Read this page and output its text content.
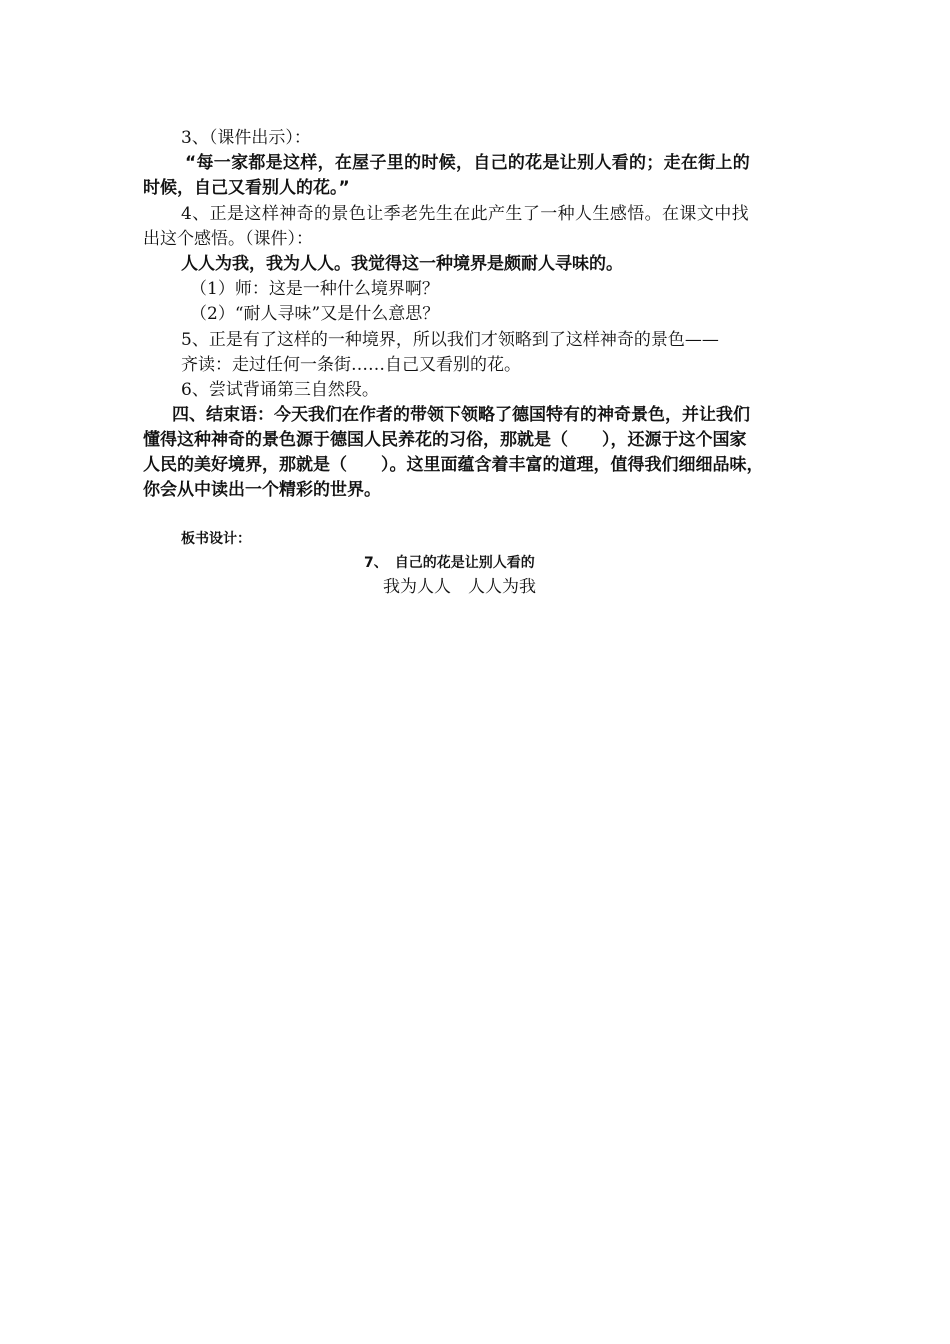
3、（课件出示）：
“每一家都是这样，在屋子里的时候，自己的花是让别人看的；走在街上的
时候，自己又看别人的花。”
4、正是这样神奇的景色让季老先生在此产生了一种人生感悟。在课文中找
出这个感悟。（课件）：
人人为我，我为人人。我觉得这一种境界是颇耐人寻味的。
（1）师：这是一种什么境界啊？
（2）“耐人寻味”又是什么意思？
5、正是有了这样的一种境界，所以我们才领略到了这样神奇的景色——
齐读：走过任何一条街……自己又看别的花。
6、尝试背诵第三自然段。
四、结束语：今天我们在作者的带领下领略了德国特有的神奇景色，并让我们
懂得这种神奇的景色源于德国人民养花的习俗，那就是（　　），还源于这个国家
人民的美好境界，那就是（　　）。这里面蕴含着丰富的道理，值得我们细细品味，
你会从中读出一个精彩的世界。
板书设计：
7、　自己的花是让别人看的
我为人人　人人为我
